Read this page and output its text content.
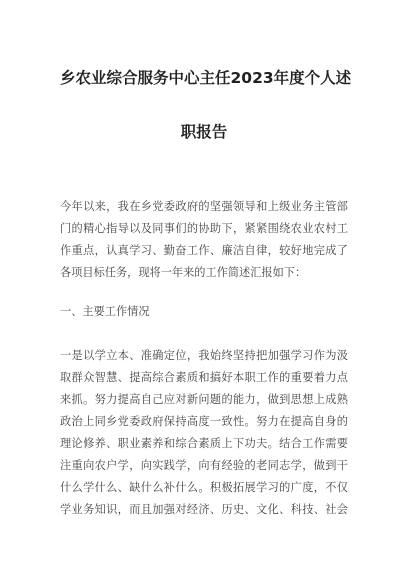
乡农业综合服务中心主任2023年度个人述
职报告
今年以来，我在乡党委政府的坚强领导和上级业务主管部
门的精心指导以及同事们的协助下，紧紧围绕农业农村工
作重点，认真学习、勤奋工作、廉洁自律，较好地完成了
各项目标任务，现将一年来的工作简述汇报如下：
一、主要工作情况
一是以学立本、准确定位，我始终坚持把加强学习作为汲
取群众智慧、提高综合素质和搞好本职工作的重要着力点
来抓。努力提高自己应对新问题的能力，做到思想上成熟
政治上同乡党委政府保持高度一致性。努力在提高自身的
理论修养、职业素养和综合素质上下功夫。结合工作需要
注重向农户学，向实践学，向有经验的老同志学，做到干
什么学什么、缺什么补什么。积极拓展学习的广度，不仅
学业务知识，而且加强对经济、历史、文化、科技、社会
